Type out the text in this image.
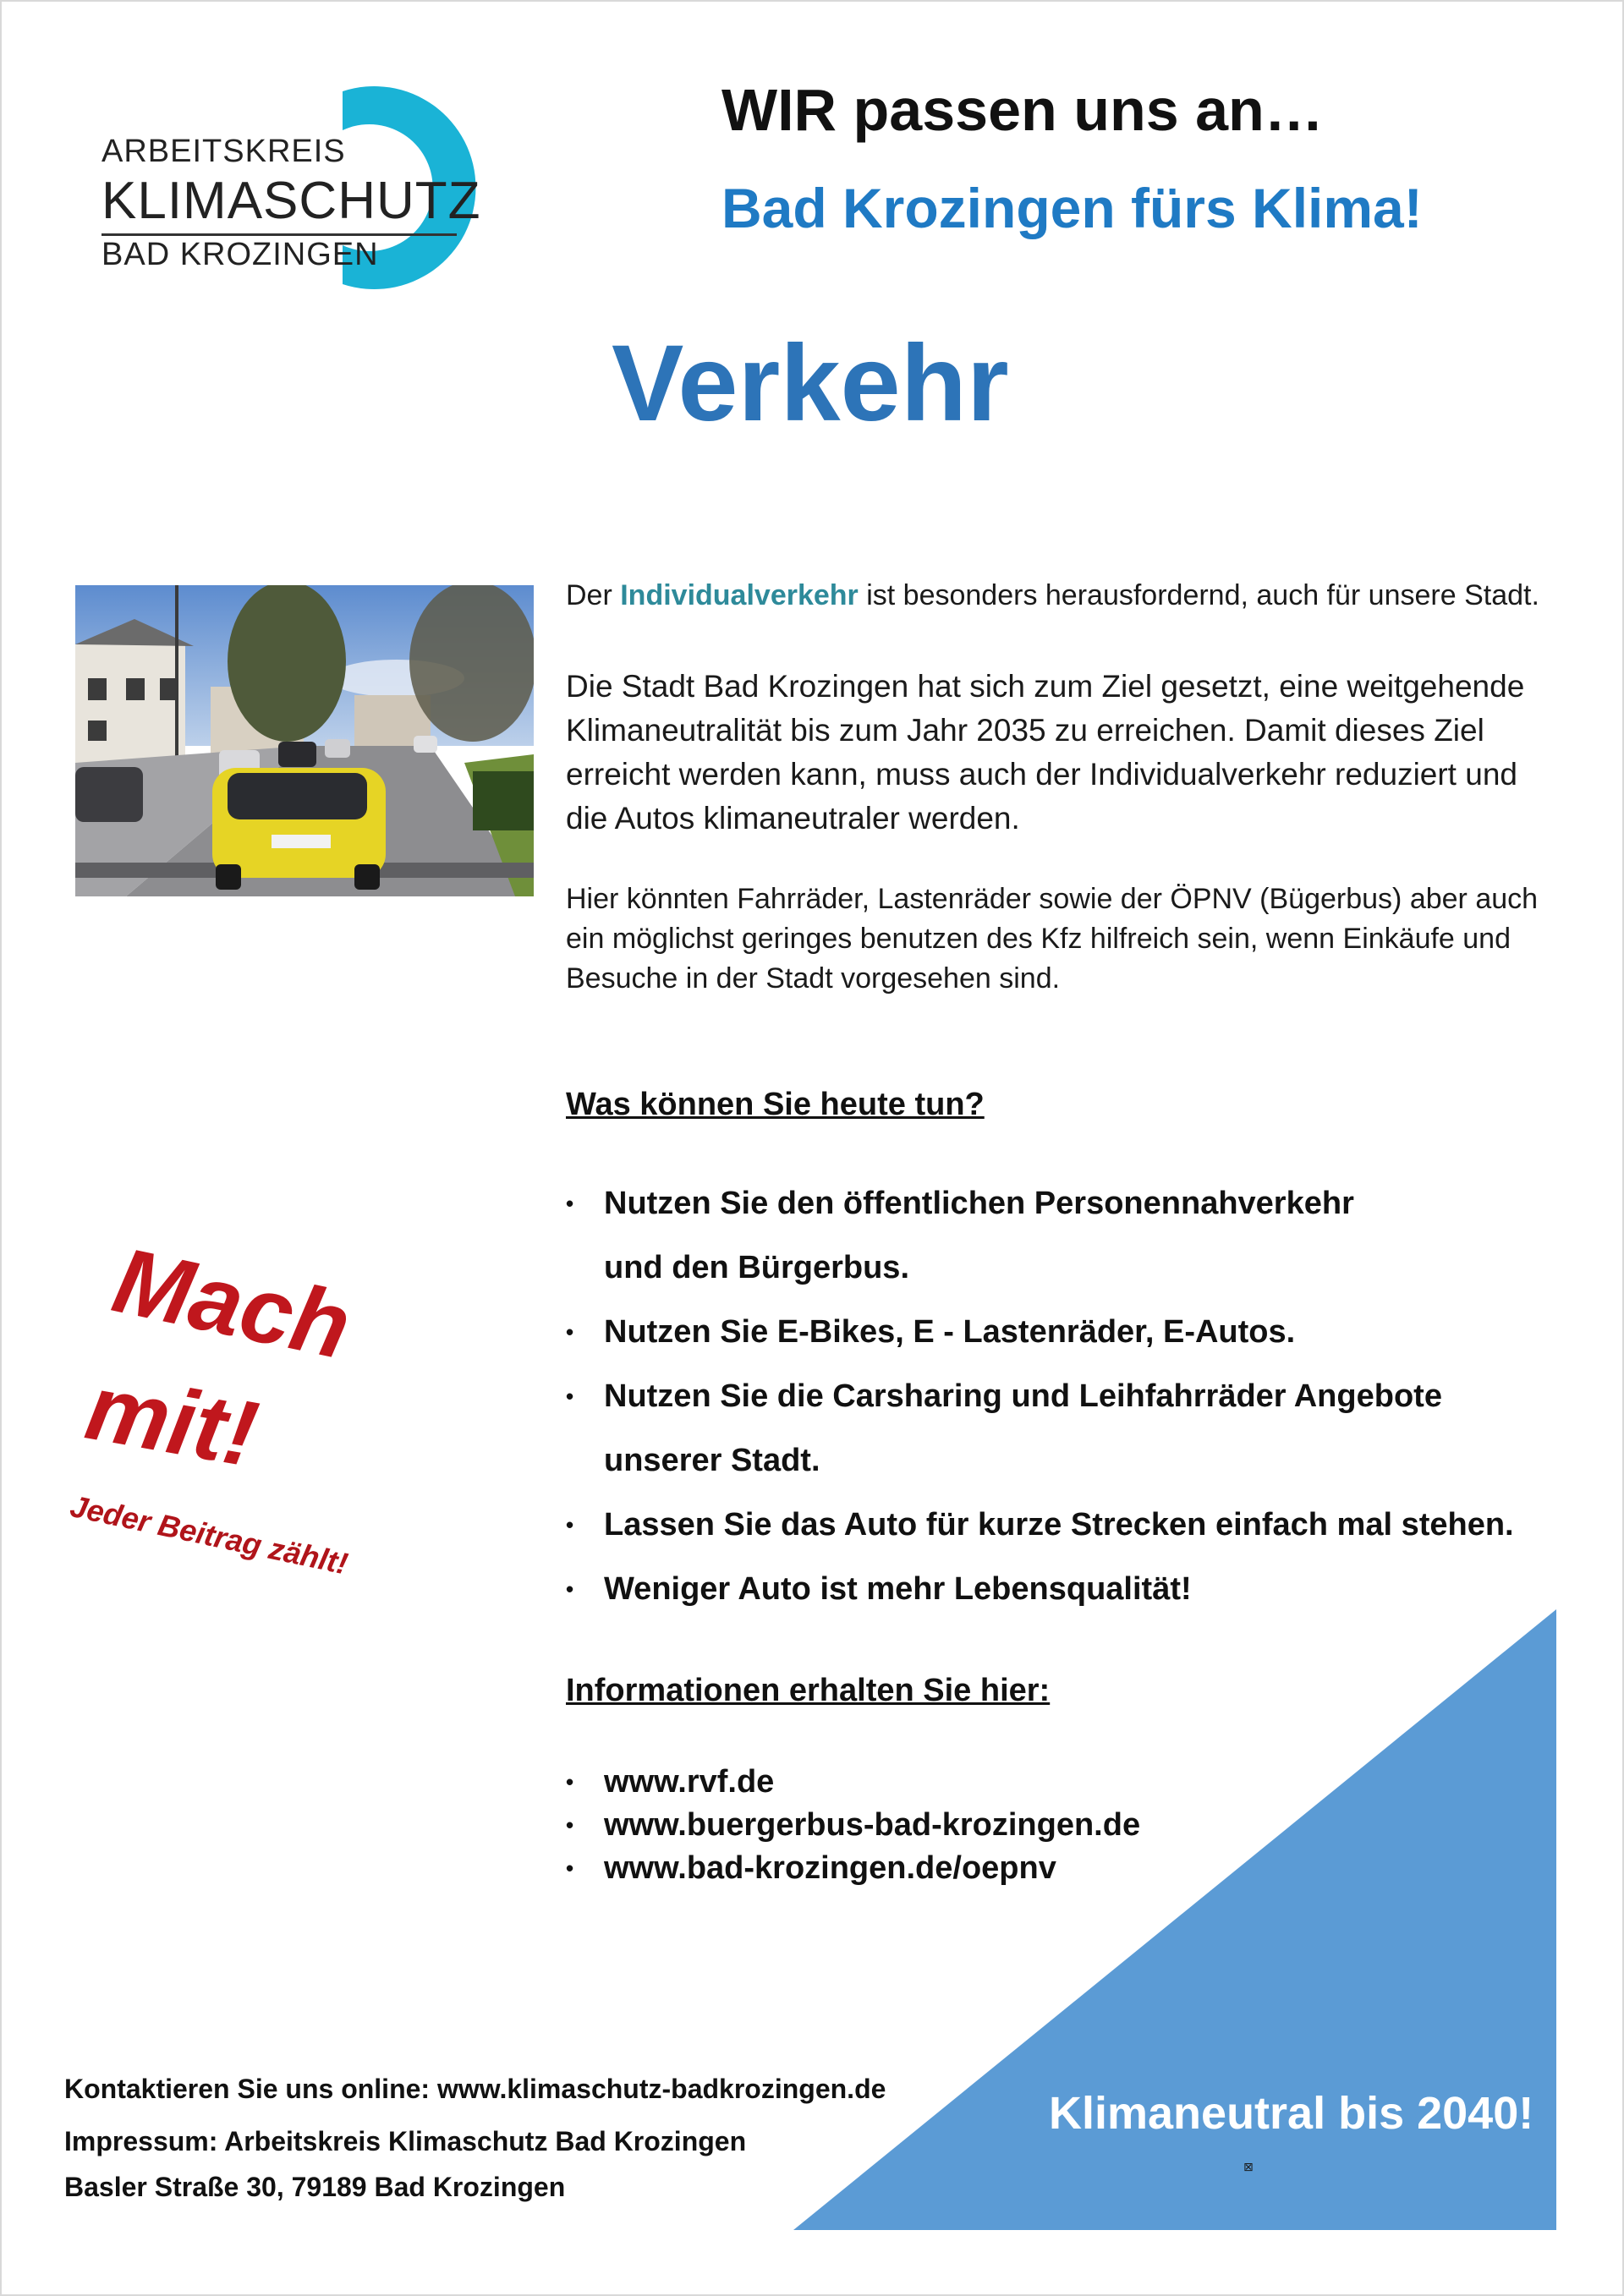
ARBEITSKREIS
KLIMASCHUTZ
BAD KROZINGEN
WIR passen uns an…
Bad Krozingen fürs Klima!
Verkehr
Der Individualverkehr ist besonders herausfordernd, auch für unsere Stadt.
Die Stadt Bad Krozingen hat sich zum Ziel gesetzt, eine weitgehende Klimaneutralität bis zum Jahr 2035 zu erreichen. Damit dieses Ziel erreicht werden kann, muss auch der Individualverkehr reduziert und die Autos klimaneutraler werden.
Hier könnten Fahrräder, Lastenräder sowie der ÖPNV (Bügerbus) aber auch ein möglichst geringes benutzen des Kfz hilfreich sein, wenn Einkäufe und Besuche in der Stadt vorgesehen sind.
Was können Sie heute tun?
• Nutzen Sie den öffentlichen Personennahverkehr und den Bürgerbus.
• Nutzen Sie E-Bikes, E - Lastenräder, E-Autos.
• Nutzen Sie die Carsharing und Leihfahrräder Angebote unserer Stadt.
• Lassen Sie das Auto für kurze Strecken einfach mal stehen.
• Weniger Auto ist mehr Lebensqualität!
Mach
mit!
Jeder Beitrag zählt!
Informationen erhalten Sie hier:
• www.rvf.de
• www.buergerbus-bad-krozingen.de
• www.bad-krozingen.de/oepnv
Klimaneutral bis 2040!
⊠
Kontaktieren Sie uns online: www.klimaschutz-badkrozingen.de
Impressum: Arbeitskreis Klimaschutz Bad Krozingen
Basler Straße 30, 79189 Bad Krozingen
